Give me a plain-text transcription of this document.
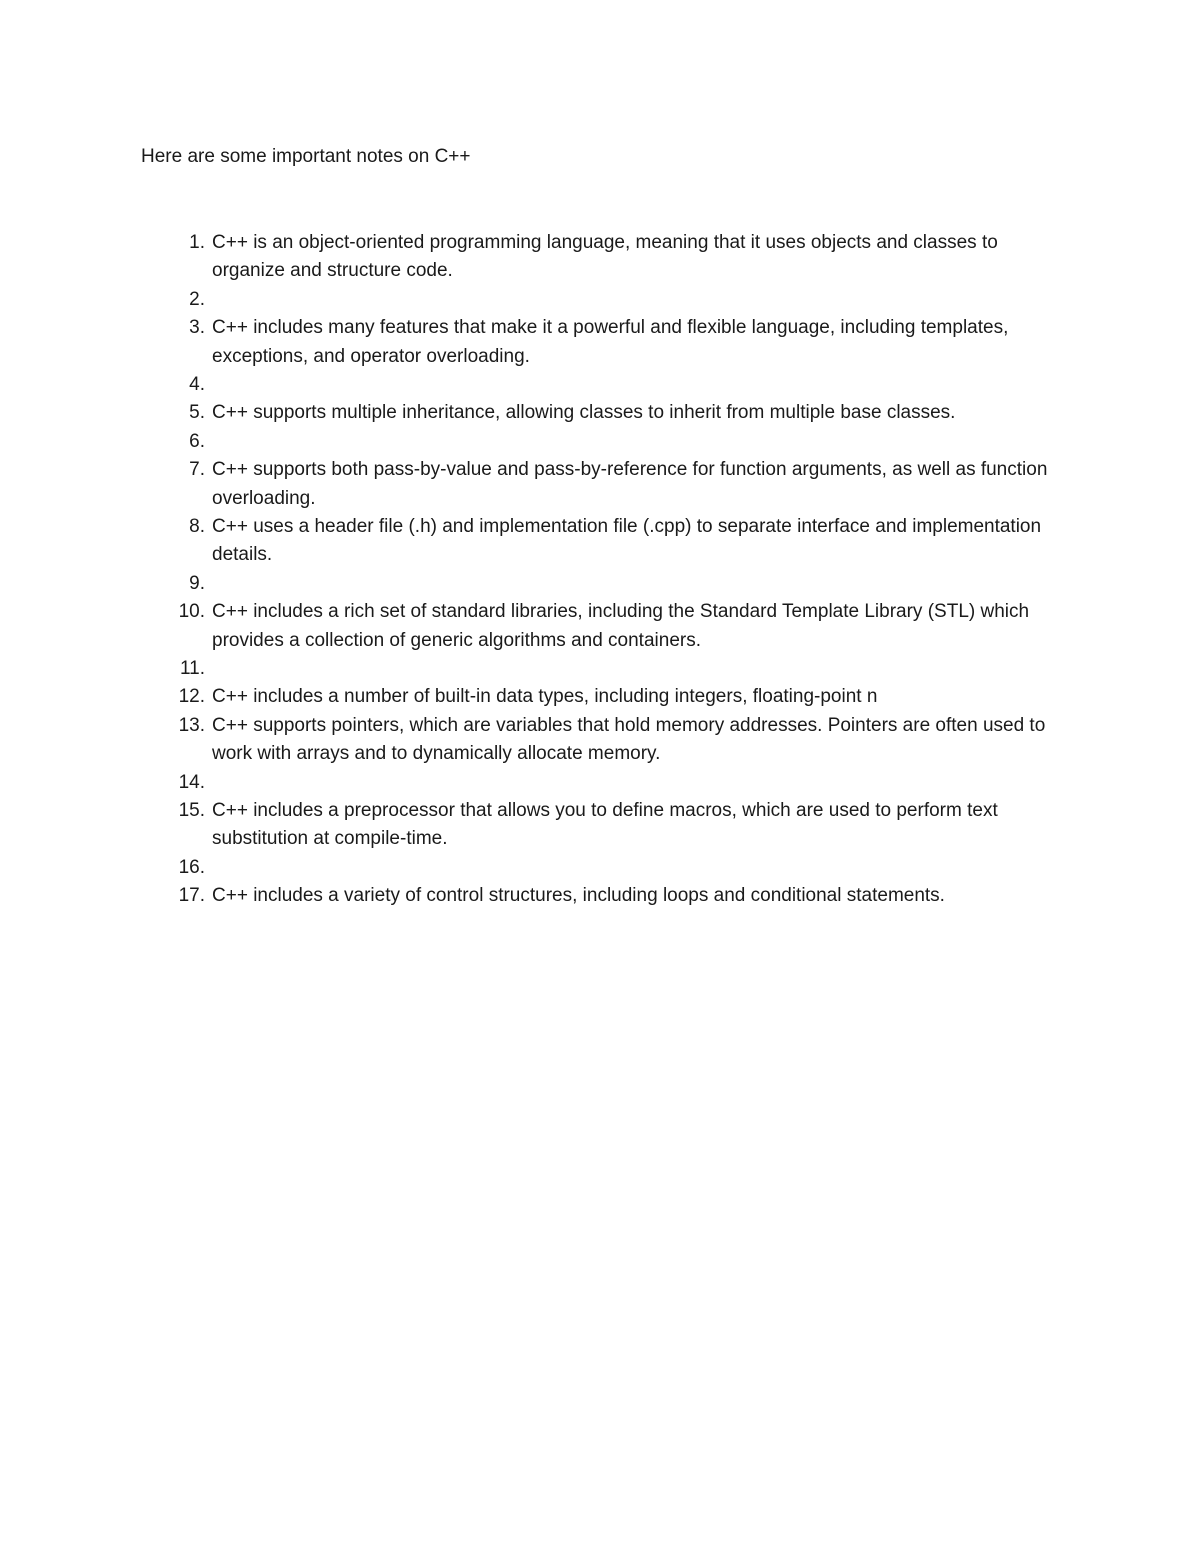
Here are some important notes on C++
1. C++ is an object-oriented programming language, meaning that it uses objects and classes to organize and structure code.
2.
3. C++ includes many features that make it a powerful and flexible language, including templates, exceptions, and operator overloading.
4.
5. C++ supports multiple inheritance, allowing classes to inherit from multiple base classes.
6.
7. C++ supports both pass-by-value and pass-by-reference for function arguments, as well as function overloading.
8. C++ uses a header file (.h) and implementation file (.cpp) to separate interface and implementation details.
9.
10. C++ includes a rich set of standard libraries, including the Standard Template Library (STL) which provides a collection of generic algorithms and containers.
11.
12. C++ includes a number of built-in data types, including integers, floating-point n
13. C++ supports pointers, which are variables that hold memory addresses. Pointers are often used to work with arrays and to dynamically allocate memory.
14.
15. C++ includes a preprocessor that allows you to define macros, which are used to perform text substitution at compile-time.
16.
17. C++ includes a variety of control structures, including loops and conditional statements.
